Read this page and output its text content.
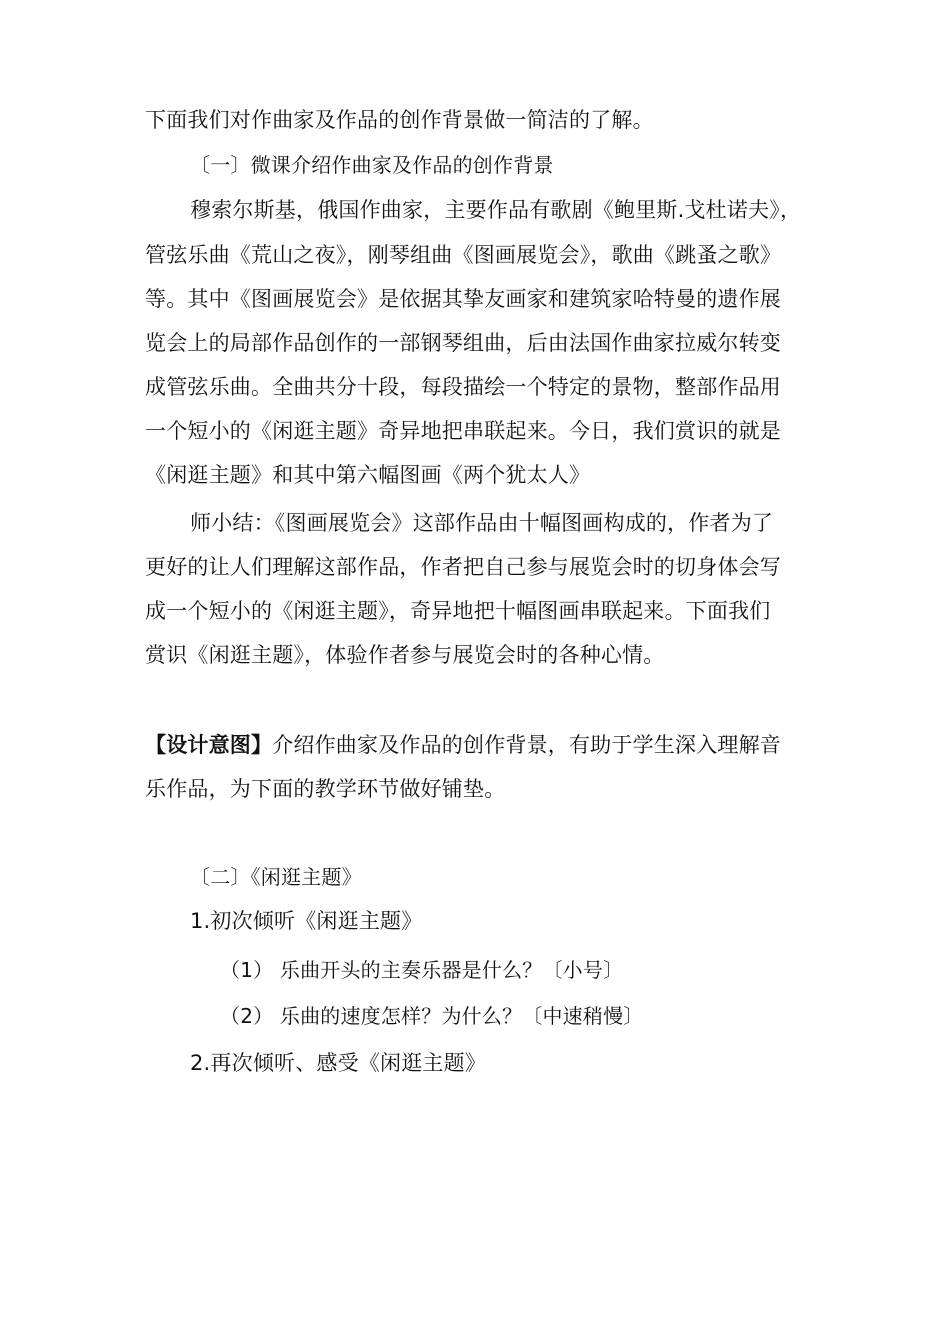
下面我们对作曲家及作品的创作背景做一简洁的了解。
〔一〕微课介绍作曲家及作品的创作背景
穆索尔斯基，俄国作曲家，主要作品有歌剧《鲍里斯.戈杜诺夫》，
管弦乐曲《荒山之夜》，刚琴组曲《图画展览会》，歌曲《跳蚤之歌》
等。其中《图画展览会》是依据其挚友画家和建筑家哈特曼的遗作展
览会上的局部作品创作的一部钢琴组曲，后由法国作曲家拉威尔转变
成管弦乐曲。全曲共分十段，每段描绘一个特定的景物，整部作品用
一个短小的《闲逛主题》奇异地把串联起来。今日，我们赏识的就是
《闲逛主题》和其中第六幅图画《两个犹太人》
师小结：《图画展览会》这部作品由十幅图画构成的，作者为了
更好的让人们理解这部作品，作者把自己参与展览会时的切身体会写
成一个短小的《闲逛主题》，奇异地把十幅图画串联起来。下面我们
赏识《闲逛主题》，体验作者参与展览会时的各种心情。
【设计意图】介绍作曲家及作品的创作背景，有助于学生深入理解音
乐作品，为下面的教学环节做好铺垫。
〔二〕《闲逛主题》
1.初次倾听《闲逛主题》
（1） 乐曲开头的主奏乐器是什么？〔小号〕
（2） 乐曲的速度怎样？为什么？〔中速稍慢〕
2.再次倾听、感受《闲逛主题》
